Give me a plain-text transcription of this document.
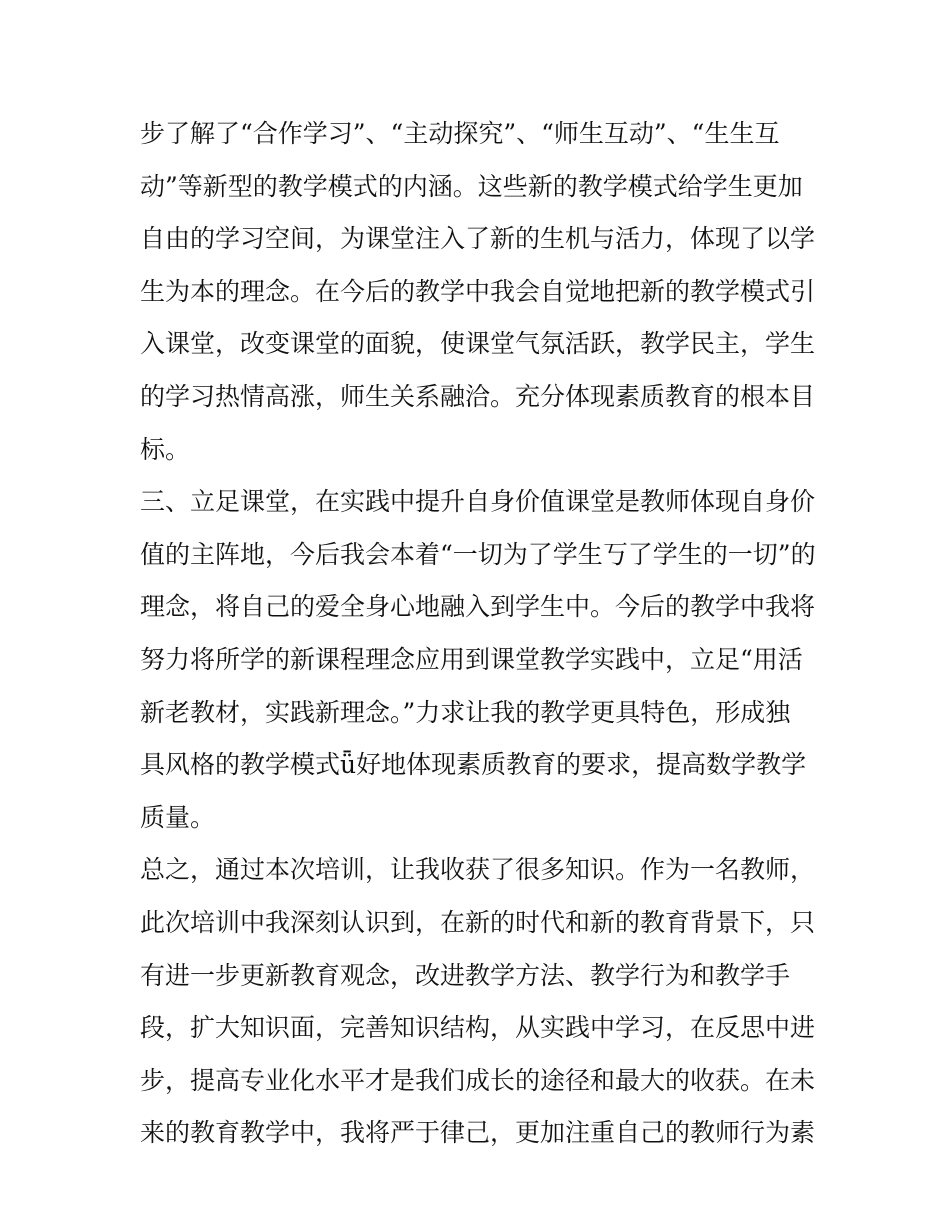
步了解了“合作学习”、“主动探究”、“师生互动”、“生生互
动”等新型的教学模式的内涵。这些新的教学模式给学生更加
自由的学习空间，为课堂注入了新的生机与活力，体现了以学
生为本的理念。在今后的教学中我会自觉地把新的教学模式引
入课堂，改变课堂的面貌，使课堂气氛活跃，教学民主，学生
的学习热情高涨，师生关系融洽。充分体现素质教育的根本目
标。
三、立足课堂，在实践中提升自身价值课堂是教师体现自身价
值的主阵地，今后我会本着“一切为了学生丂了学生的一切”的
理念，将自己的爱全身心地融入到学生中。今后的教学中我将
努力将所学的新课程理念应用到课堂教学实践中，立足“用活
新老教材，实践新理念。”力求让我的教学更具特色，形成独
具风格的教学模式ǖ好地体现素质教育的要求，提高数学教学
质量。
总之，通过本次培训，让我收获了很多知识。作为一名教师，
此次培训中我深刻认识到，在新的时代和新的教育背景下，只
有进一步更新教育观念，改进教学方法、教学行为和教学手
段，扩大知识面，完善知识结构，从实践中学习，在反思中进
步，提高专业化水平才是我们成长的途径和最大的收获。在未
来的教育教学中，我将严于律己，更加注重自己的教师行为素
